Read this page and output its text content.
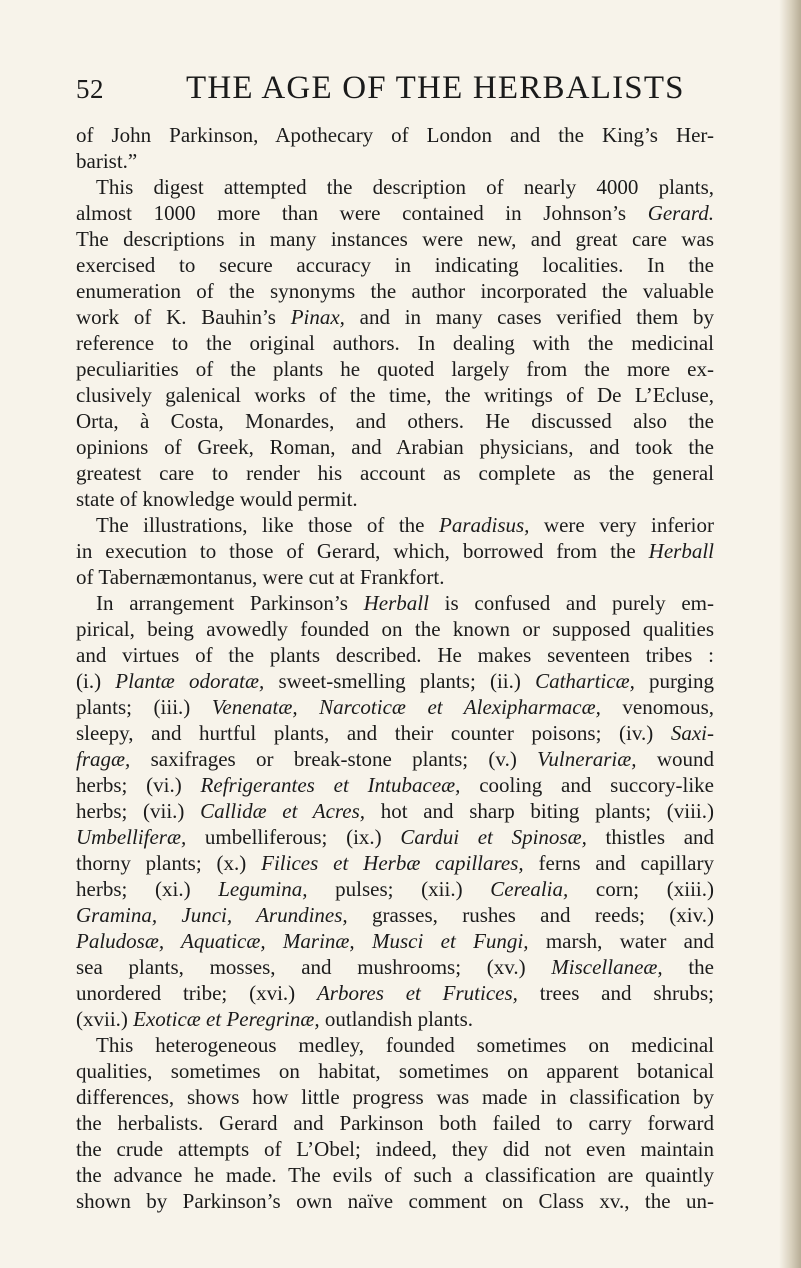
52 THE AGE OF THE HERBALISTS
of John Parkinson, Apothecary of London and the King’s Her-
barist.”
This digest attempted the description of nearly 4000 plants,
almost 1000 more than were contained in Johnson’s Gerard.
The descriptions in many instances were new, and great care was
exercised to secure accuracy in indicating localities. In the
enumeration of the synonyms the author incorporated the valuable
work of K. Bauhin’s Pinax, and in many cases verified them by
reference to the original authors. In dealing with the medicinal
peculiarities of the plants he quoted largely from the more ex-
clusively galenical works of the time, the writings of De L’Ecluse,
Orta, à Costa, Monardes, and others. He discussed also the
opinions of Greek, Roman, and Arabian physicians, and took the
greatest care to render his account as complete as the general
state of knowledge would permit.
The illustrations, like those of the Paradisus, were very inferior
in execution to those of Gerard, which, borrowed from the Herball
of Tabernæmontanus, were cut at Frankfort.
In arrangement Parkinson’s Herball is confused and purely em-
pirical, being avowedly founded on the known or supposed qualities
and virtues of the plants described. He makes seventeen tribes :
(i.) Plantæ odoratæ, sweet-smelling plants; (ii.) Catharticæ, purging
plants; (iii.) Venenatæ, Narcoticæ et Alexipharmacæ, venomous,
sleepy, and hurtful plants, and their counter poisons; (iv.) Saxi-
fragæ, saxifrages or break-stone plants; (v.) Vulnerariæ, wound
herbs; (vi.) Refrigerantes et Intubaceæ, cooling and succory-like
herbs; (vii.) Callidæ et Acres, hot and sharp biting plants; (viii.)
Umbelliferæ, umbelliferous; (ix.) Cardui et Spinosæ, thistles and
thorny plants; (x.) Filices et Herbæ capillares, ferns and capillary
herbs; (xi.) Legumina, pulses; (xii.) Cerealia, corn; (xiii.)
Gramina, Junci, Arundines, grasses, rushes and reeds; (xiv.)
Paludosæ, Aquaticæ, Marinæ, Musci et Fungi, marsh, water and
sea plants, mosses, and mushrooms; (xv.) Miscellaneæ, the
unordered tribe; (xvi.) Arbores et Frutices, trees and shrubs;
(xvii.) Exoticæ et Peregrinæ, outlandish plants.
This heterogeneous medley, founded sometimes on medicinal
qualities, sometimes on habitat, sometimes on apparent botanical
differences, shows how little progress was made in classification by
the herbalists. Gerard and Parkinson both failed to carry forward
the crude attempts of L’Obel; indeed, they did not even maintain
the advance he made. The evils of such a classification are quaintly
shown by Parkinson’s own naïve comment on Class xv., the un-
